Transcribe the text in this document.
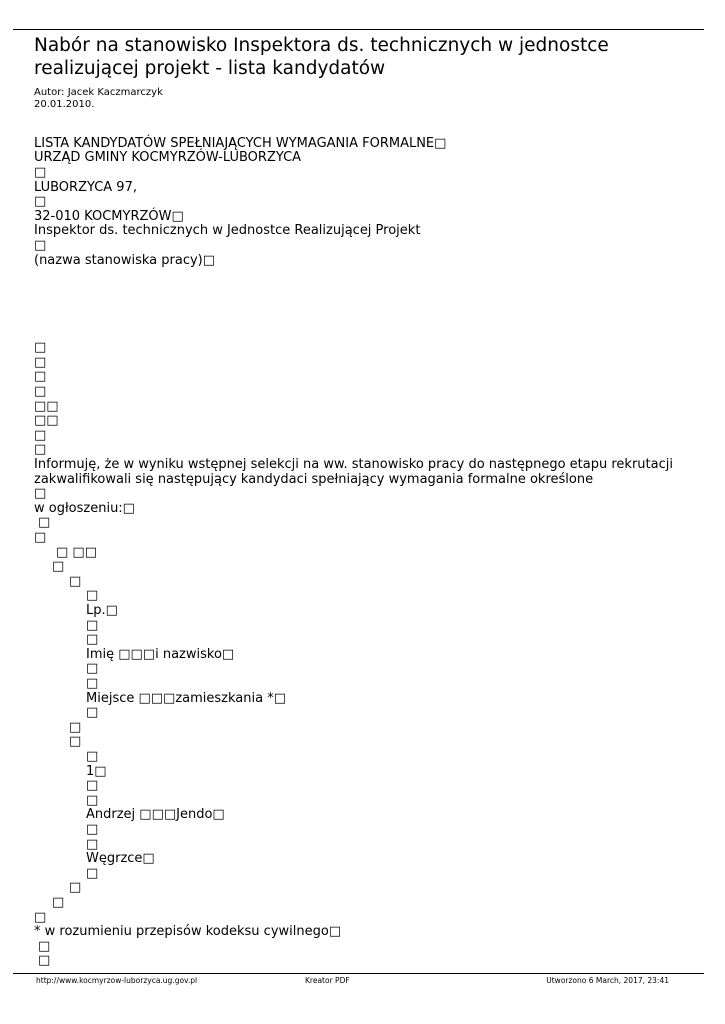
Nabór na stanowisko Inspektora ds. technicznych w jednostce realizującej projekt - lista kandydatów
Autor: Jacek Kaczmarczyk
20.01.2010.
LISTA KANDYDATÓW SPEŁNIAJĄCYCH WYMAGANIA FORMALNE□
URZĄD GMINY KOCMYRZÓW-LUBORZYCA
□
LUBORZYCA 97,
□
32-010 KOCMYRZÓW□
Inspektor ds. technicznych w Jednostce Realizującej Projekt
□
(nazwa stanowiska pracy)□
□
□
□
□
□□
□□
□
□
Informuję, że w wyniku wstępnej selekcji na ww. stanowisko pracy do następnego etapu rekrutacji
zakwalifikowali się następujący kandydaci spełniający wymagania formalne określone
□
w ogłoszeniu:□
□
□
□ □□
□
□
□
Lp.□
□
□
Imię □□□i nazwisko□
□
□
Miejsce □□□zamieszkania *□
□
□
□
□
1□
□
□
Andrzej □□□Jendo□
□
□
Węgrzce□
□
□
□
□
* w rozumieniu przepisów kodeksu cywilnego□
□
□
http://www.kocmyrzow-luborzyca.ug.gov.pl	Kreator PDF	Utworzono 6 March, 2017, 23:41
